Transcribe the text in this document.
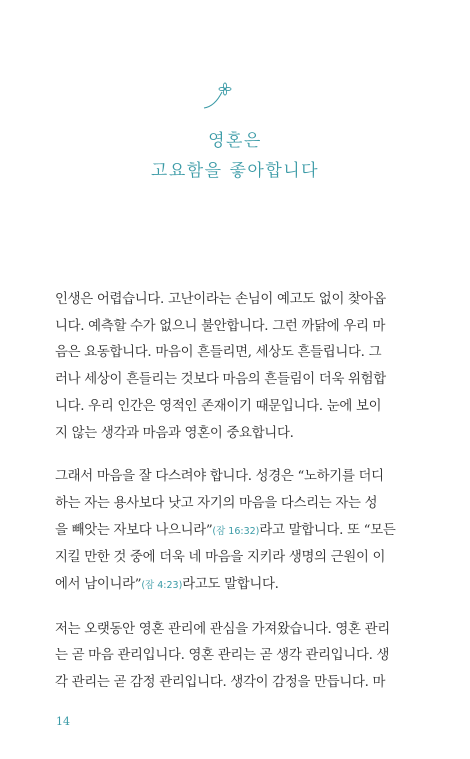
영혼은
고요함을 좋아합니다
인생은 어렵습니다. 고난이라는 손님이 예고도 없이 찾아옵
니다. 예측할 수가 없으니 불안합니다. 그런 까닭에 우리 마
음은 요동합니다. 마음이 흔들리면, 세상도 흔들립니다. 그
러나 세상이 흔들리는 것보다 마음의 흔들림이 더욱 위험합
니다. 우리 인간은 영적인 존재이기 때문입니다. 눈에 보이
지 않는 생각과 마음과 영혼이 중요합니다.
그래서 마음을 잘 다스려야 합니다. 성경은 “노하기를 더디
하는 자는 용사보다 낫고 자기의 마음을 다스리는 자는 성
을 빼앗는 자보다 나으니라”(잠 16:32)라고 말합니다. 또 “모든
지킬 만한 것 중에 더욱 네 마음을 지키라 생명의 근원이 이
에서 남이니라”(잠 4:23)라고도 말합니다.
저는 오랫동안 영혼 관리에 관심을 가져왔습니다. 영혼 관리
는 곧 마음 관리입니다. 영혼 관리는 곧 생각 관리입니다. 생
각 관리는 곧 감정 관리입니다. 생각이 감정을 만듭니다. 마
14
